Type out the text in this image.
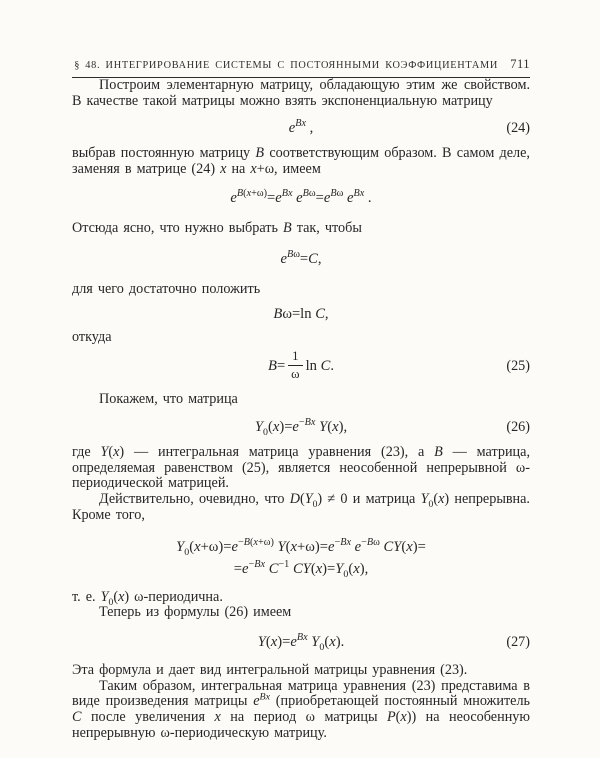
§ 48. ИНТЕГРИРОВАНИЕ СИСТЕМЫ С ПОСТОЯННЫМИ КОЭФФИЦИЕНТАМИ 711

Построим элементарную матрицу, обладающую этим же свойством. В качестве такой матрицы можно взять экспоненциальную матрицу

$e^{Bx}$ ,	(24)

выбрав постоянную матрицу B соответствующим образом. В самом деле, заменяя в матрице (24) x на x+ω, имеем

$e^{B(x+\omega)}=e^{Bx}$ $e^{B\omega}=e^{B\omega}$ $e^{Bx}$ .

Отсюда ясно, что нужно выбрать B так, чтобы

$e^{B\omega}=C$,

для чего достаточно положить

Bω=ln C,

откуда

$B= \frac{1}{\omega}$ ln C.	(25)

Покажем, что матрица

$Y_0(x)=e^{-Bx}$ Y(x),	(26)

где Y(x) — интегральная матрица уравнения (23), а B — матрица, определяемая равенством (25), является неособенной непрерывной ω-периодической матрицей.

Действительно, очевидно, что $D(Y_0) \ne 0$ и матрица $Y_0(x)$ непрерывна. Кроме того,

$Y_0(x+\omega)=e^{-B(x+\omega)}$ $Y(x+\omega)=e^{-Bx}$ $e^{-B\omega}$ CY(x)=
$=e^{-Bx}$ $C^{-1}$ $CY(x)=Y_0(x)$,

т. е. $Y_0(x)$ ω-периодична.

Теперь из формулы (26) имеем

$Y(x)=e^{Bx}$ $Y_0(x)$.	(27)

Эта формула и дает вид интегральной матрицы уравнения (23).

Таким образом, интегральная матрица уравнения (23) представима в виде произведения матрицы $e^{Bx}$ (приобретающей постоянный множитель C после увеличения x на период ω матрицы P(x)) на неособенную непрерывную ω-периодическую матрицу.
